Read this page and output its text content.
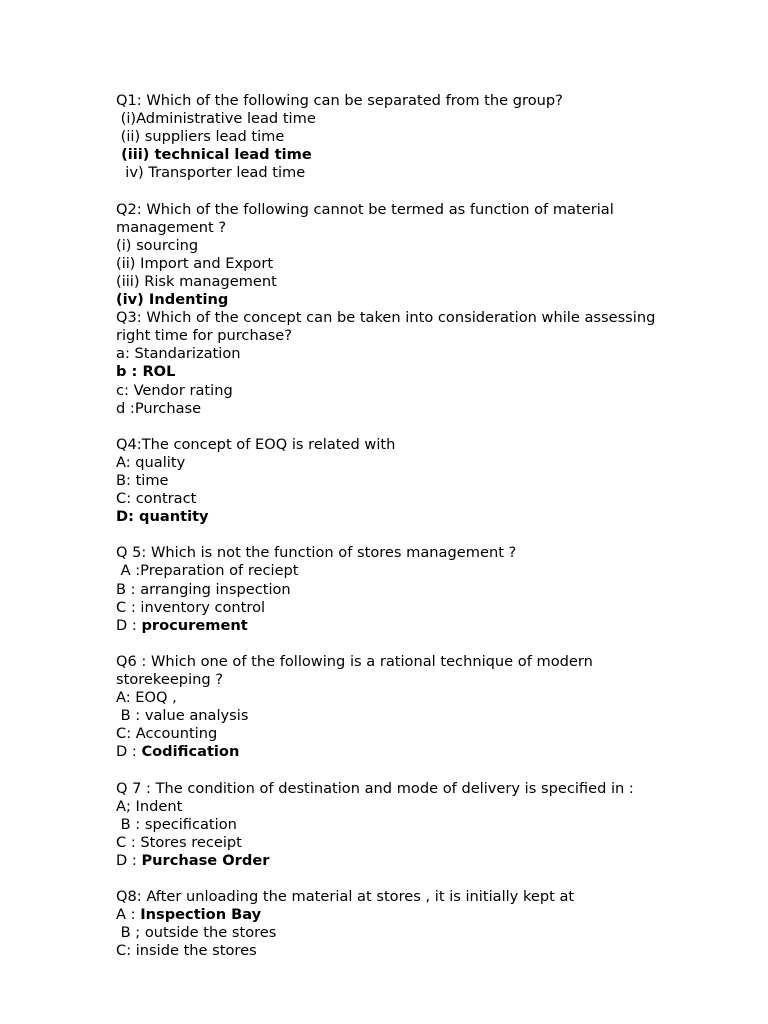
Q1: Which of the following can be separated from the group?
(i)Administrative lead time
(ii) suppliers lead time
(iii) technical lead time
iv) Transporter lead time
Q2: Which of the following cannot be termed as function of material management ?
(i) sourcing
(ii) Import and Export
(iii) Risk management
(iv) Indenting
Q3: Which of the concept can be taken into consideration while assessing right time for purchase?
a: Standarization
b : ROL
c: Vendor rating
d :Purchase
Q4:The concept of EOQ is related with
A: quality
B: time
C: contract
D: quantity
Q 5: Which is not the function of stores management ?
A :Preparation of reciept
B : arranging inspection
C : inventory control
D : procurement
Q6 : Which one of the following is a rational technique of modern storekeeping ?
A: EOQ ,
B : value analysis
C: Accounting
D : Codification
Q 7 : The condition of destination and mode of delivery is specified in :
A; Indent
B : specification
C : Stores receipt
D : Purchase Order
Q8: After unloading the material at stores , it is initially kept at
A : Inspection Bay
B ; outside the stores
C: inside the stores
